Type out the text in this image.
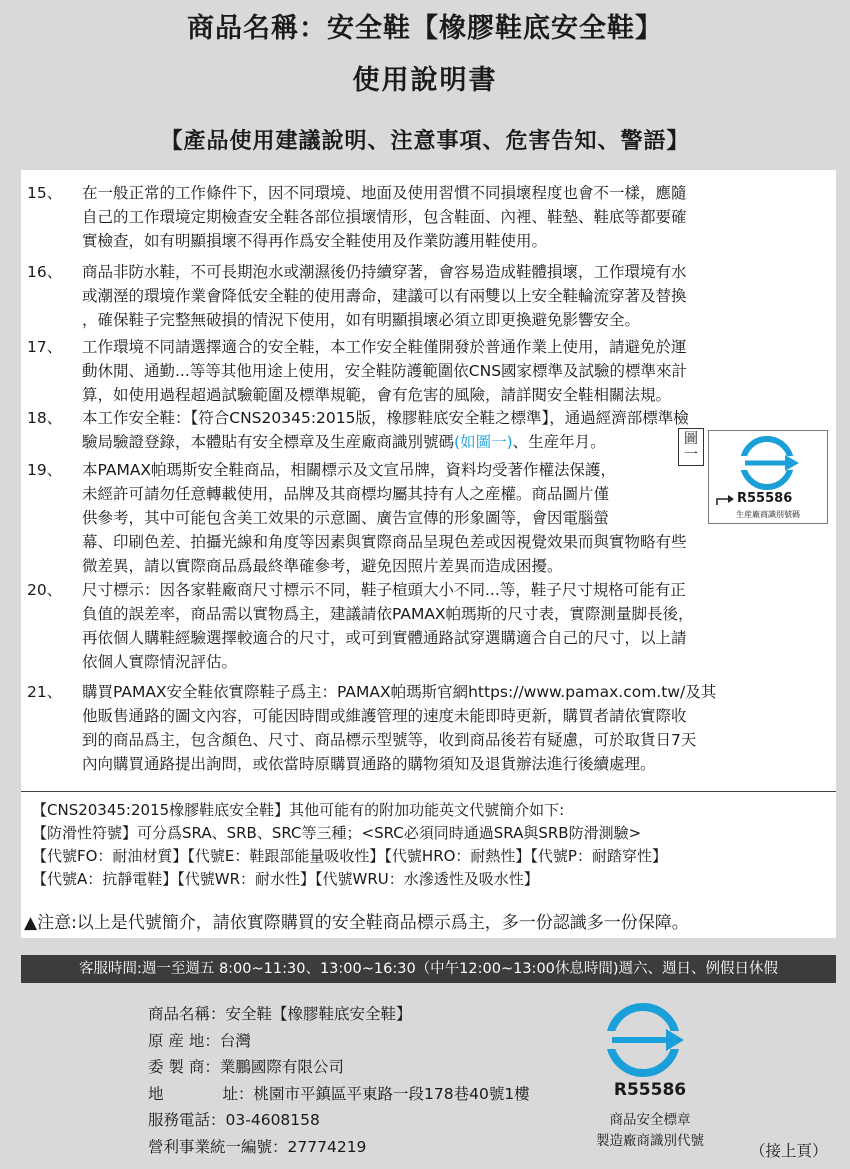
商品名稱：安全鞋【橡膠鞋底安全鞋】
使用說明書
【產品使用建議說明、注意事項、危害告知、警語】
15、	在一般正常的工作條件下，因不同環境、地面及使用習慣不同損壞程度也會不一樣，應隨
自己的工作環境定期檢查安全鞋各部位損壞情形，包含鞋面、內裡、鞋墊、鞋底等都要確
實檢查，如有明顯損壞不得再作爲安全鞋使用及作業防護用鞋使用。
16、	商品非防水鞋，不可長期泡水或潮濕後仍持續穿著，會容易造成鞋體損壞，工作環境有水
或潮溼的環境作業會降低安全鞋的使用壽命，建議可以有兩雙以上安全鞋輪流穿著及替換
，確保鞋子完整無破損的情況下使用，如有明顯損壞必須立即更換避免影響安全。
17、	工作環境不同請選擇適合的安全鞋，本工作安全鞋僅開發於普通作業上使用，請避免於運
動休閒、通勤...等等其他用途上使用，安全鞋防護範圍依CNS國家標準及試驗的標準來計
算，如使用過程超過試驗範圍及標準規範，會有危害的風險，請詳閱安全鞋相關法規。
18、	本工作安全鞋：【符合CNS20345:2015版，橡膠鞋底安全鞋之標準】，通過經濟部標準檢
驗局驗證登錄，本體貼有安全標章及生産廠商識別號碼(如圖一)、生産年月。
19、	本PAMAX帕瑪斯安全鞋商品，相關標示及文宣吊牌，資料均受著作權法保護，
未經許可請勿任意轉載使用，品牌及其商標均屬其持有人之産權。商品圖片僅
供參考，其中可能包含美工效果的示意圖、廣告宣傳的形象圖等，會因電腦螢
幕、印刷色差、拍攝光線和角度等因素與實際商品呈現色差或因視覺效果而與實物略有些
微差異，請以實際商品爲最終準確參考，避免因照片差異而造成困擾。
圖一
R55586
生産廠商識別號碼
20、	尺寸標示：因各家鞋廠商尺寸標示不同，鞋子楦頭大小不同...等，鞋子尺寸規格可能有正
負值的誤差率，商品需以實物爲主，建議請依PAMAX帕瑪斯的尺寸表，實際測量脚長後，
再依個人購鞋經驗選擇較適合的尺寸，或可到實體通路試穿選購適合自己的尺寸，以上請
依個人實際情況評估。
21、	購買PAMAX安全鞋依實際鞋子爲主：PAMAX帕瑪斯官網https://www.pamax.com.tw/及其
他販售通路的圖文內容，可能因時間或維護管理的速度未能即時更新，購買者請依實際收
到的商品爲主，包含顏色、尺寸、商品標示型號等，收到商品後若有疑慮，可於取貨日7天
內向購買通路提出詢問，或依當時原購買通路的購物須知及退貨辦法進行後續處理。
【CNS20345:2015橡膠鞋底安全鞋】其他可能有的附加功能英文代號簡介如下:
【防滑性符號】可分爲SRA、SRB、SRC等三種；<SRC必須同時通過SRA與SRB防滑測驗>
【代號FO：耐油材質】【代號E：鞋跟部能量吸收性】【代號HRO：耐熱性】【代號P：耐踏穿性】
【代號A：抗靜電鞋】【代號WR：耐水性】【代號WRU：水滲透性及吸水性】
▲注意:以上是代號簡介，請依實際購買的安全鞋商品標示爲主，多一份認識多一份保障。
客服時間:週一至週五 8:00~11:30、13:00~16:30（中午12:00~13:00休息時間)週六、週日、例假日休假
商品名稱：安全鞋【橡膠鞋底安全鞋】
原 産 地：台灣
委 製 商：業鵬國際有限公司
地 址：桃園市平鎮區平東路一段178巷40號1樓
服務電話：03-4608158
營利事業統一編號：27774219
R55586
商品安全標章
製造廠商識別代號
（接上頁）
